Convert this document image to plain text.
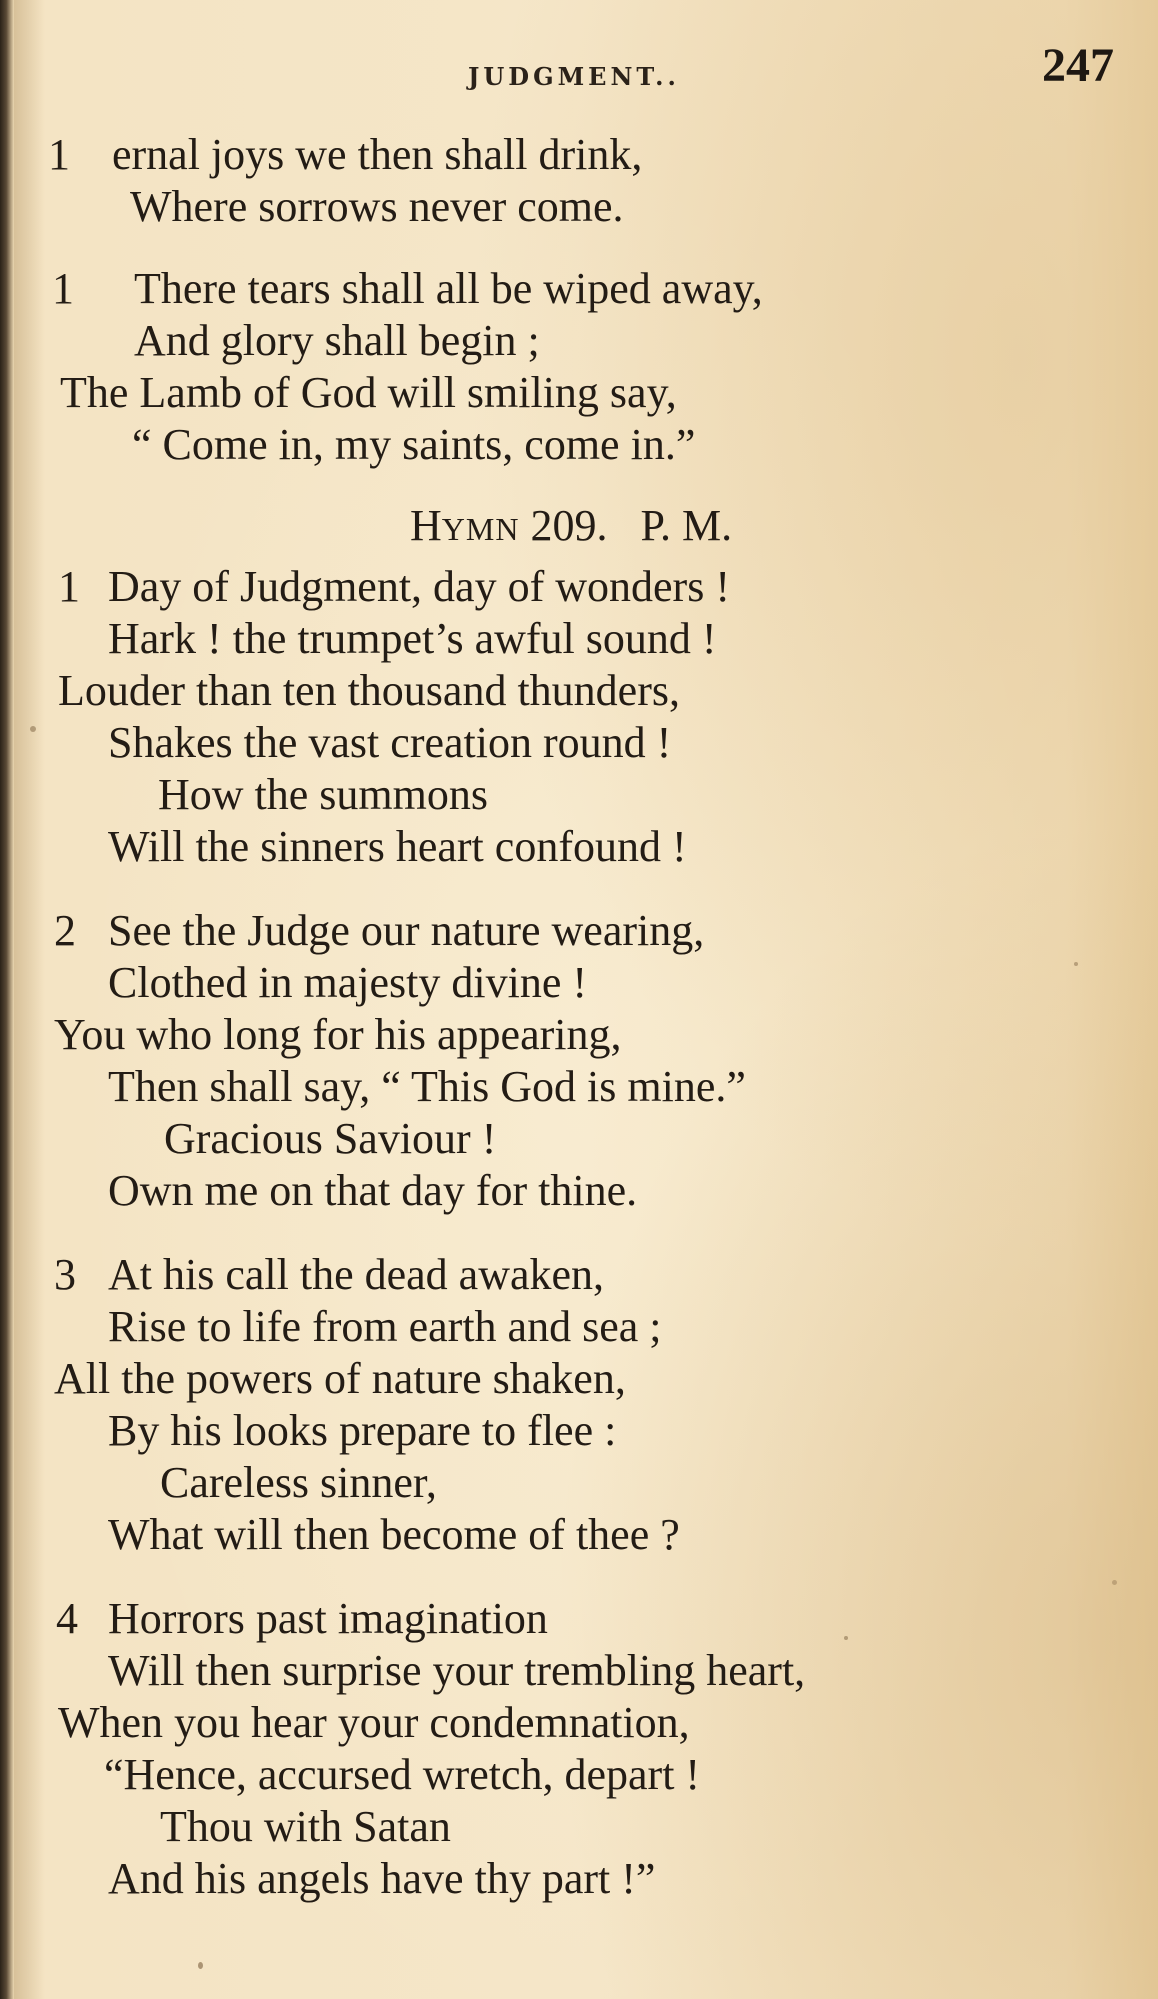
JUDGMENT..	247
1 ernal joys we then shall drink,
Where sorrows never come.
1 There tears shall all be wiped away,
And glory shall begin ;
The Lamb of God will smiling say,
“ Come in, my saints, come in.”
HYMN 209.   P. M.
1 Day of Judgment, day of wonders !
Hark ! the trumpet’s awful sound !
Louder than ten thousand thunders,
Shakes the vast creation round !
How the summons
Will the sinners heart confound !
2 See the Judge our nature wearing,
Clothed in majesty divine !
You who long for his appearing,
Then shall say, “ This God is mine.”
Gracious Saviour !
Own me on that day for thine.
3 At his call the dead awaken,
Rise to life from earth and sea ;
All the powers of nature shaken,
By his looks prepare to flee :
Careless sinner,
What will then become of thee ?
4 Horrors past imagination
Will then surprise your trembling heart,
When you hear your condemnation,
“Hence, accursed wretch, depart !
Thou with Satan
And his angels have thy part !”
